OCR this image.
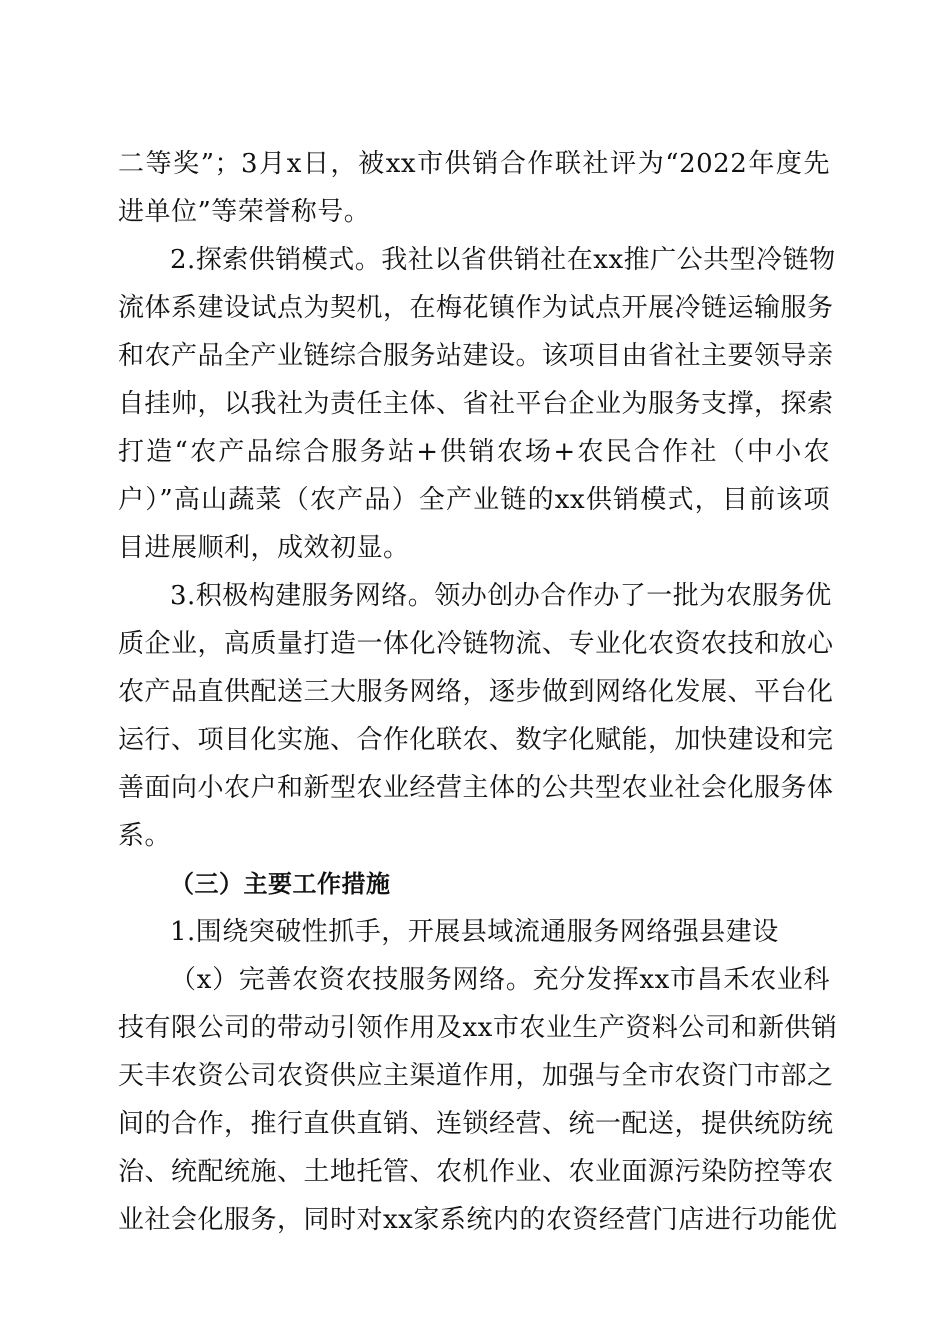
二等奖”；3月x日，被xx市供销合作联社评为“2022年度先
进单位”等荣誉称号。
2.探索供销模式。我社以省供销社在xx推广公共型冷链物
流体系建设试点为契机，在梅花镇作为试点开展冷链运输服务
和农产品全产业链综合服务站建设。该项目由省社主要领导亲
自挂帅，以我社为责任主体、省社平台企业为服务支撑，探索
打造“农产品综合服务站+供销农场+农民合作社（中小农
户）”高山蔬菜（农产品）全产业链的xx供销模式，目前该项
目进展顺利，成效初显。
3.积极构建服务网络。领办创办合作办了一批为农服务优
质企业，高质量打造一体化冷链物流、专业化农资农技和放心
农产品直供配送三大服务网络，逐步做到网络化发展、平台化
运行、项目化实施、合作化联农、数字化赋能，加快建设和完
善面向小农户和新型农业经营主体的公共型农业社会化服务体
系。
（三）主要工作措施
1.围绕突破性抓手，开展县域流通服务网络强县建设
（x）完善农资农技服务网络。充分发挥xx市昌禾农业科
技有限公司的带动引领作用及xx市农业生产资料公司和新供销
天丰农资公司农资供应主渠道作用，加强与全市农资门市部之
间的合作，推行直供直销、连锁经营、统一配送，提供统防统
治、统配统施、土地托管、农机作业、农业面源污染防控等农
业社会化服务，同时对xx家系统内的农资经营门店进行功能优
